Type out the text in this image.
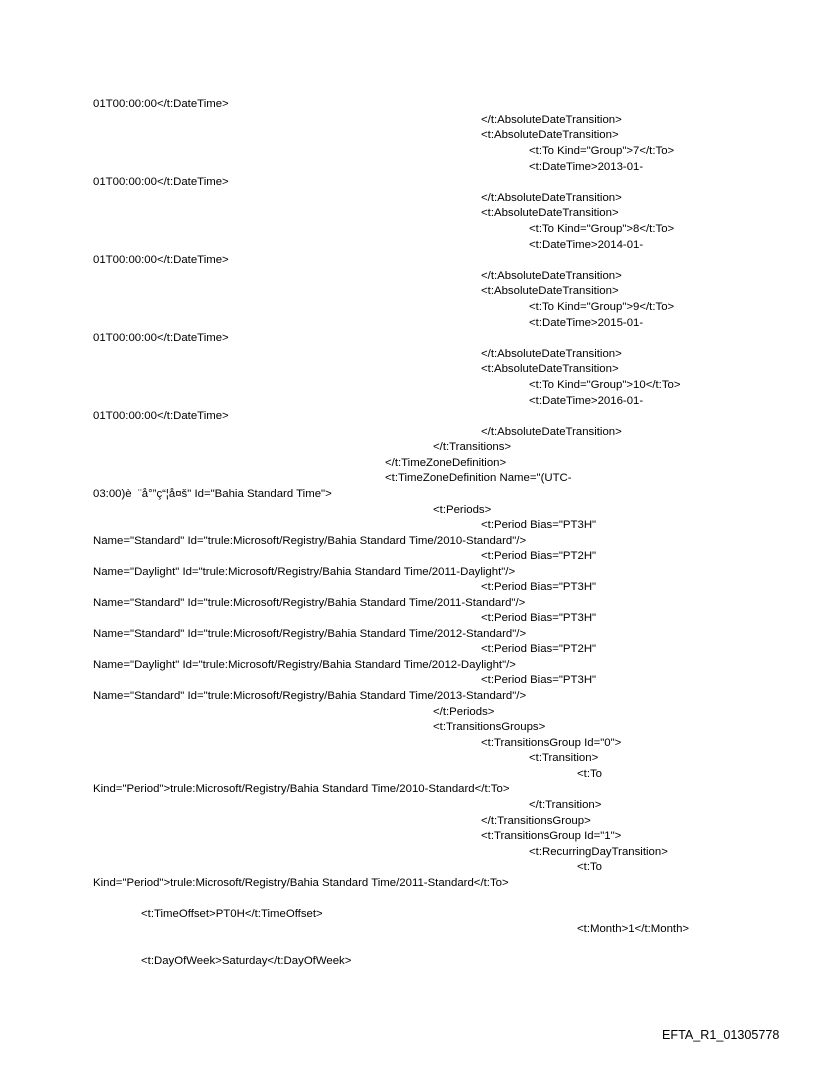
01T00:00:00</t:DateTime>
</t:AbsoluteDateTransition>
<t:AbsoluteDateTransition>
<t:To Kind="Group">7</t:To>
<t:DateTime>2013-01-
01T00:00:00</t:DateTime>
</t:AbsoluteDateTransition>
<t:AbsoluteDateTransition>
<t:To Kind="Group">8</t:To>
<t:DateTime>2014-01-
01T00:00:00</t:DateTime>
</t:AbsoluteDateTransition>
<t:AbsoluteDateTransition>
<t:To Kind="Group">9</t:To>
<t:DateTime>2015-01-
01T00:00:00</t:DateTime>
</t:AbsoluteDateTransition>
<t:AbsoluteDateTransition>
<t:To Kind="Group">10</t:To>
<t:DateTime>2016-01-
01T00:00:00</t:DateTime>
</t:AbsoluteDateTransition>
</t:Transitions>
</t:TimeZoneDefinition>
<t:TimeZoneDefinition Name="(UTC-
03:00)è  ¨å°”ç“¦å¤š" Id="Bahia Standard Time">
<t:Periods>
<t:Period Bias="PT3H"
Name="Standard" Id="trule:Microsoft/Registry/Bahia Standard Time/2010-Standard"/>
<t:Period Bias="PT2H"
Name="Daylight" Id="trule:Microsoft/Registry/Bahia Standard Time/2011-Daylight"/>
<t:Period Bias="PT3H"
Name="Standard" Id="trule:Microsoft/Registry/Bahia Standard Time/2011-Standard"/>
<t:Period Bias="PT3H"
Name="Standard" Id="trule:Microsoft/Registry/Bahia Standard Time/2012-Standard"/>
<t:Period Bias="PT2H"
Name="Daylight" Id="trule:Microsoft/Registry/Bahia Standard Time/2012-Daylight"/>
<t:Period Bias="PT3H"
Name="Standard" Id="trule:Microsoft/Registry/Bahia Standard Time/2013-Standard"/>
</t:Periods>
<t:TransitionsGroups>
<t:TransitionsGroup Id="0">
<t:Transition>
<t:To
Kind="Period">trule:Microsoft/Registry/Bahia Standard Time/2010-Standard</t:To>
</t:Transition>
</t:TransitionsGroup>
<t:TransitionsGroup Id="1">
<t:RecurringDayTransition>
<t:To
Kind="Period">trule:Microsoft/Registry/Bahia Standard Time/2011-Standard</t:To>
<t:TimeOffset>PT0H</t:TimeOffset>
<t:Month>1</t:Month>
<t:DayOfWeek>Saturday</t:DayOfWeek>
EFTA_R1_01305778
